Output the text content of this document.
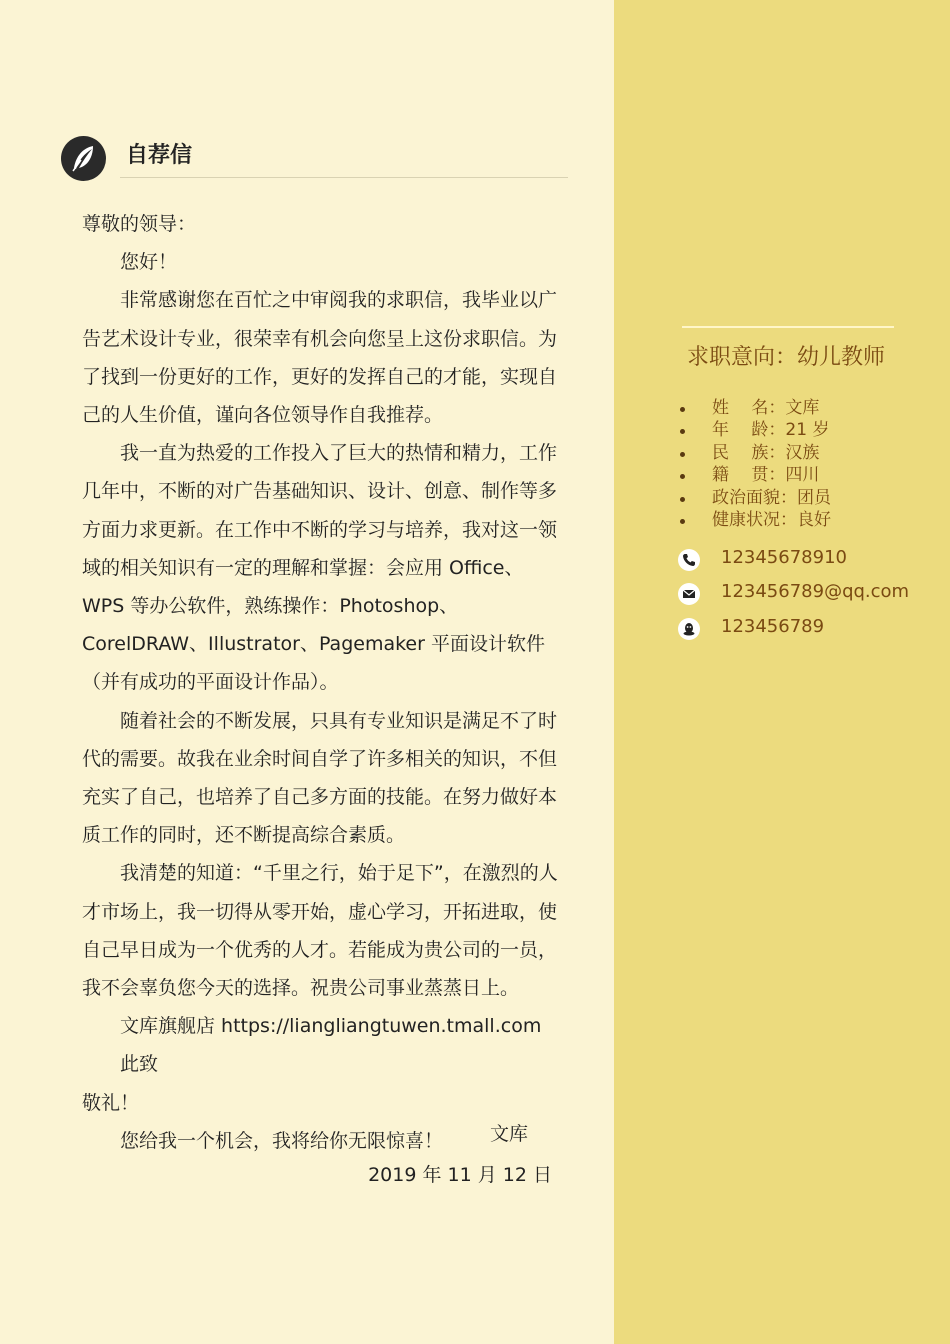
自荐信

尊敬的领导：

您好！

非常感谢您在百忙之中审阅我的求职信，我毕业以广告艺术设计专业，很荣幸有机会向您呈上这份求职信。为了找到一份更好的工作，更好的发挥自己的才能，实现自己的人生价值，谨向各位领导作自我推荐。

我一直为热爱的工作投入了巨大的热情和精力，工作几年中，不断的对广告基础知识、设计、创意、制作等多方面力求更新。在工作中不断的学习与培养，我对这一领域的相关知识有一定的理解和掌握：会应用 Office、WPS 等办公软件，熟练操作：Photoshop、CorelDRAW、Illustrator、Pagemaker 平面设计软件（并有成功的平面设计作品）。

随着社会的不断发展，只具有专业知识是满足不了时代的需要。故我在业余时间自学了许多相关的知识，不但充实了自己，也培养了自己多方面的技能。在努力做好本质工作的同时，还不断提高综合素质。

我清楚的知道：“千里之行，始于足下”，在激烈的人才市场上，我一切得从零开始，虚心学习，开拓进取，使自己早日成为一个优秀的人才。若能成为贵公司的一员，我不会辜负您今天的选择。祝贵公司事业蒸蒸日上。

文库旗舰店 https://liangliangtuwen.tmall.com

此致

敬礼！

您给我一个机会，我将给你无限惊喜！	文库

2019 年 11 月 12 日

求职意向：幼儿教师
姓　 名：文库
年　 龄：21 岁
民　 族：汉族
籍　 贯：四川
政治面貌：团员
健康状况：良好
12345678910
123456789@qq.com
123456789
